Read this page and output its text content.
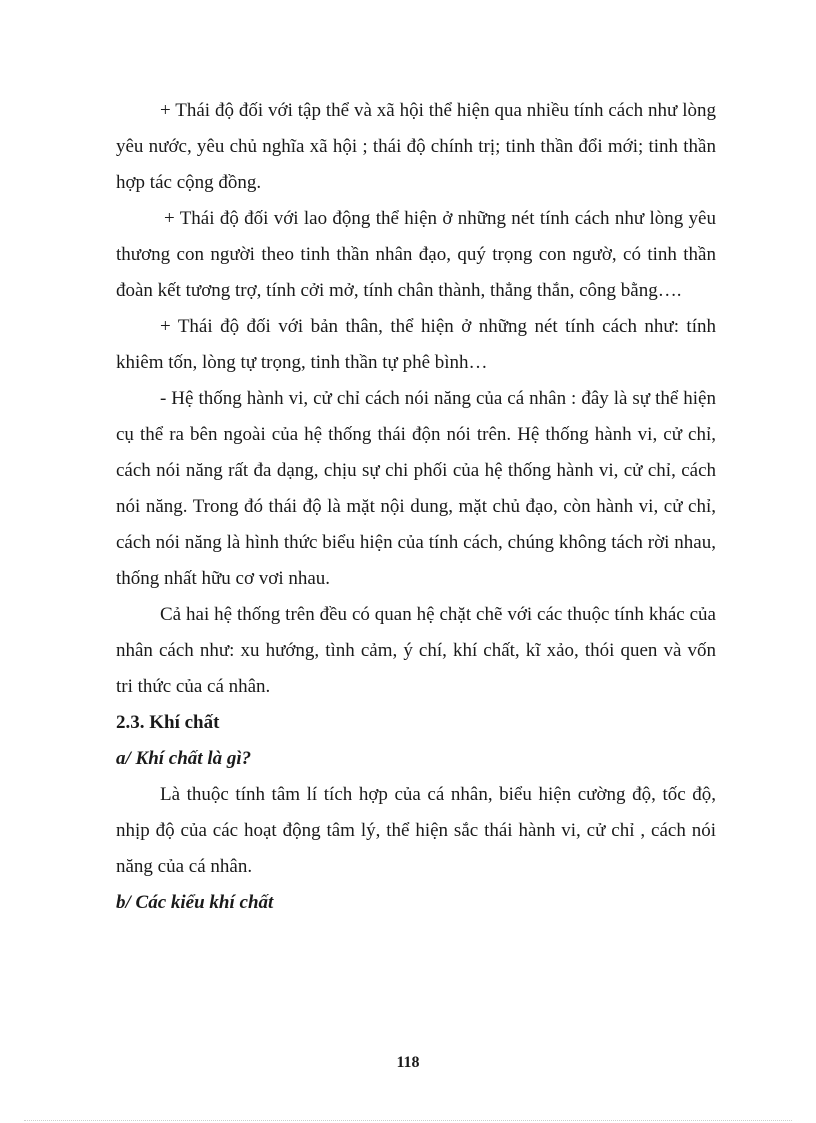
+ Thái độ đối với tập thể và xã hội thể hiện qua nhiều tính cách như lòng yêu nước, yêu chủ nghĩa xã hội ; thái độ chính trị; tinh thần đổi mới; tinh thần hợp tác cộng đồng.

+ Thái độ đối với lao động thể hiện ở những nét tính cách như lòng yêu thương con người theo tinh thần nhân đạo, quý trọng con ngườ, có tinh thần đoàn kết tương trợ, tính cởi mở, tính chân thành, thẳng thắn, công bằng….

+ Thái độ đối với bản thân, thể hiện ở những nét tính cách như: tính khiêm tốn, lòng tự trọng, tinh thần tự phê bình…

- Hệ thống hành vi, cử chỉ cách nói năng của cá nhân : đây là sự thể hiện cụ thể ra bên ngoài của hệ thống thái độn nói trên. Hệ thống hành vi, cử chỉ, cách nói năng rất đa dạng, chịu sự chi phối của hệ thống hành vi, cử chỉ, cách nói năng. Trong đó thái độ là mặt nội dung, mặt chủ đạo, còn hành vi, cử chỉ, cách nói năng là hình thức biểu hiện của tính cách, chúng không tách rời nhau, thống nhất hữu cơ vơi nhau.

Cả hai hệ thống trên đều có quan hệ chặt chẽ với các thuộc tính khác của nhân cách như: xu hướng, tình cảm, ý chí, khí chất, kĩ xảo, thói quen và vốn tri thức của cá nhân.

2.3. Khí chất
a/ Khí chất là gì?

Là thuộc tính tâm lí tích hợp của cá nhân, biểu hiện cường độ, tốc độ, nhịp độ của các hoạt động tâm lý, thể hiện sắc thái hành vi, cử chỉ , cách nói năng của cá nhân.

b/ Các kiểu khí chất
118
